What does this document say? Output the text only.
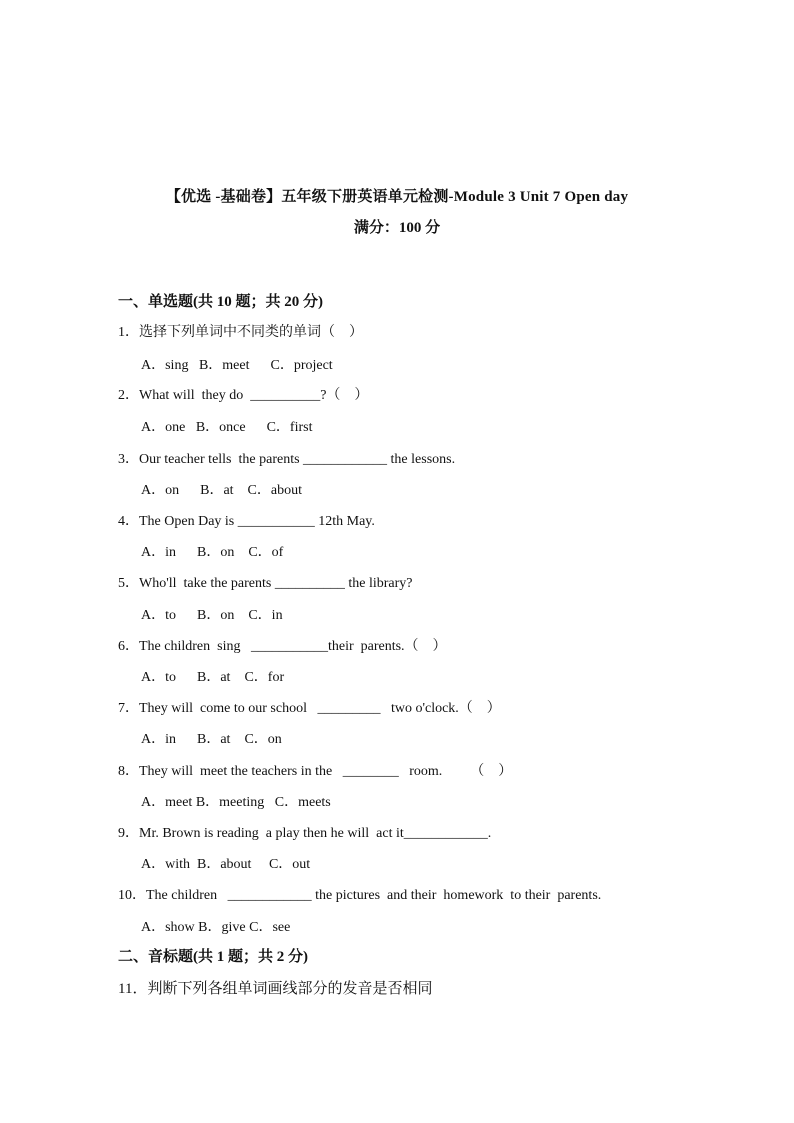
【优选 -基础卷】五年级下册英语单元检测-Module 3 Unit 7 Open day
满分：100 分
一、单选题(共 10 题；共 20 分)
1．选择下列单词中不同类的单词（    ）
A．sing   B．meet      C．project
2．What will  they do  __________?（    ）
A．one   B．once      C．first
3．Our teacher tells  the parents ____________ the lessons.
A．on      B．at    C．about
4．The Open Day is ___________ 12th May.
A．in      B．on    C．of
5．Who'll  take the parents __________ the library?
A．to      B．on    C．in
6．The children  sing   ___________their  parents.（    ）
A．to      B．at    C．for
7．They will  come to our school   _________   two o'clock.（    ）
A．in      B．at    C．on
8．They will  meet the teachers in the   ________   room.        （    ）
A．meet B．meeting   C．meets
9．Mr. Brown is reading  a play then he will  act it____________.
A．with  B．about     C．out
10．The children   ____________ the pictures  and their  homework  to their  parents.
A．show B．give C．see
二、音标题(共 1 题；共 2 分)
11．判断下列各组单词画线部分的发音是否相同
